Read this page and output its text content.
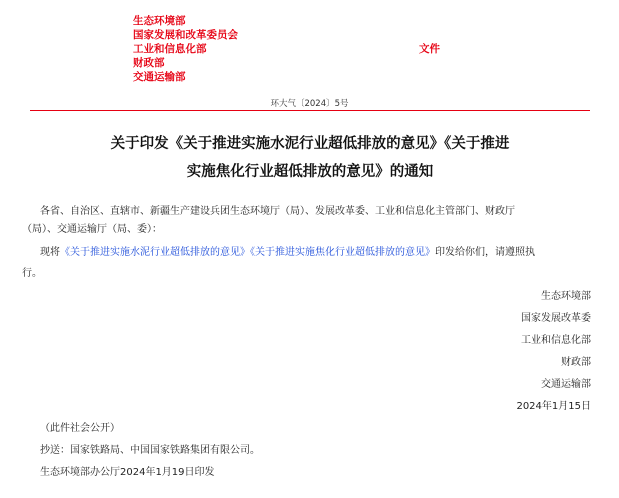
生态环境部
国家发展和改革委员会
工业和信息化部
财政部
交通运输部
文件
环大气〔2024〕5号
关于印发《关于推进实施水泥行业超低排放的意见》《关于推进
实施焦化行业超低排放的意见》的通知
各省、自治区、直辖市、新疆生产建设兵团生态环境厅（局）、发展改革委、工业和信息化主管部门、财政厅
（局）、交通运输厅（局、委）：
现将《关于推进实施水泥行业超低排放的意见》《关于推进实施焦化行业超低排放的意见》印发给你们，请遵照执
行。
生态环境部
国家发展改革委
工业和信息化部
财政部
交通运输部
2024年1月15日
（此件社会公开）
抄送：国家铁路局、中国国家铁路集团有限公司。
生态环境部办公厅2024年1月19日印发
